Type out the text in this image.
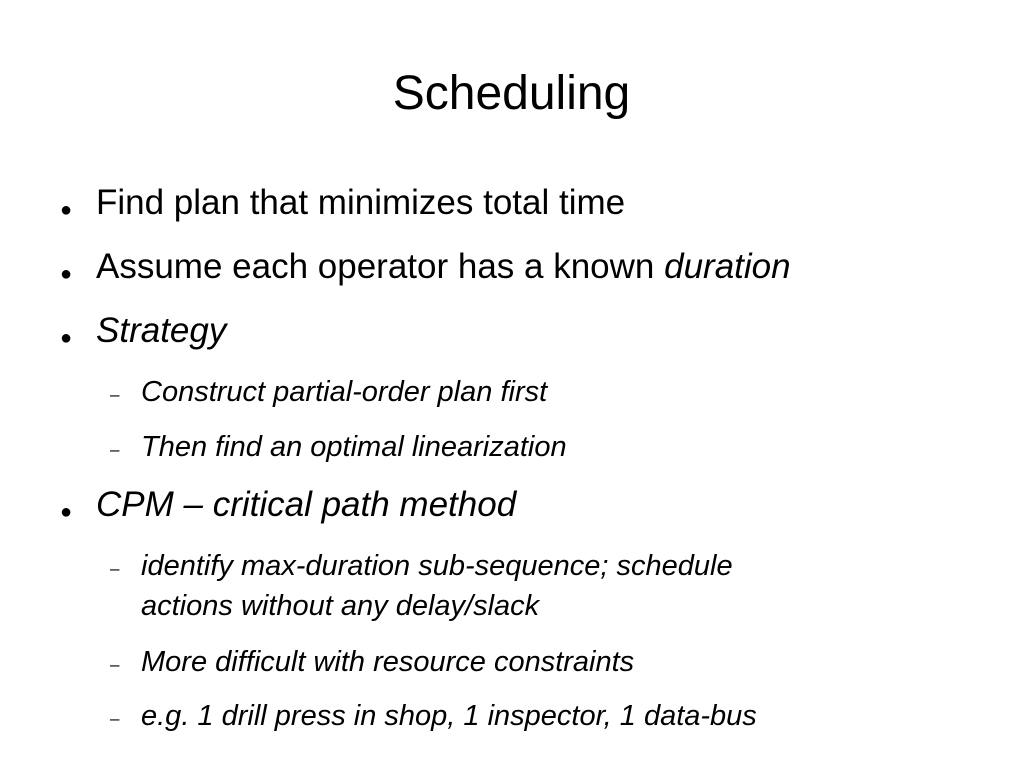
Scheduling
● Find plan that minimizes total time

● Assume each operator has a known duration

● Strategy

– Construct partial-order plan first

– Then find an optimal linearization

● CPM – critical path method

– identify max-duration sub-sequence; schedule
actions without any delay/slack

– More difficult with resource constraints

– e.g. 1 drill press in shop, 1 inspector, 1 data-bus
